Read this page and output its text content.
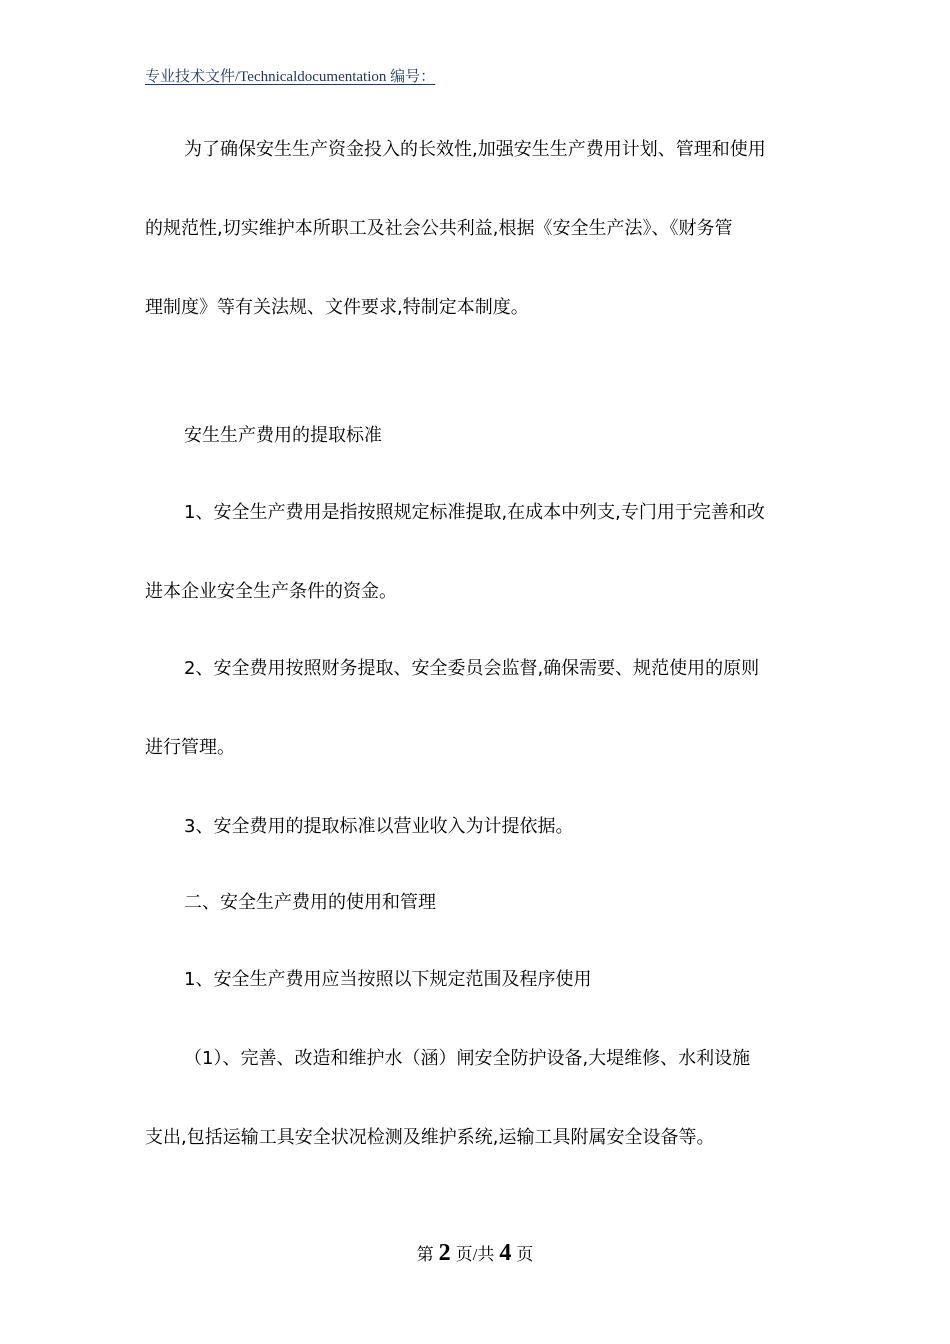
专业技术文件/Technicaldocumentation 编号：
为了确保安生生产资金投入的长效性,加强安生生产费用计划、管理和使用
的规范性,切实维护本所职工及社会公共利益,根据《安全生产法》、《财务管
理制度》等有关法规、文件要求,特制定本制度。
安生生产费用的提取标准
1、安全生产费用是指按照规定标准提取,在成本中列支,专门用于完善和改
进本企业安全生产条件的资金。
2、安全费用按照财务提取、安全委员会监督,确保需要、规范使用的原则
进行管理。
3、安全费用的提取标准以营业收入为计提依据。
二、安全生产费用的使用和管理
1、安全生产费用应当按照以下规定范围及程序使用
（1）、完善、改造和维护水（涵）闸安全防护设备,大堤维修、水利设施
支出,包括运输工具安全状况检测及维护系统,运输工具附属安全设备等。
第 2 页/共 4 页
